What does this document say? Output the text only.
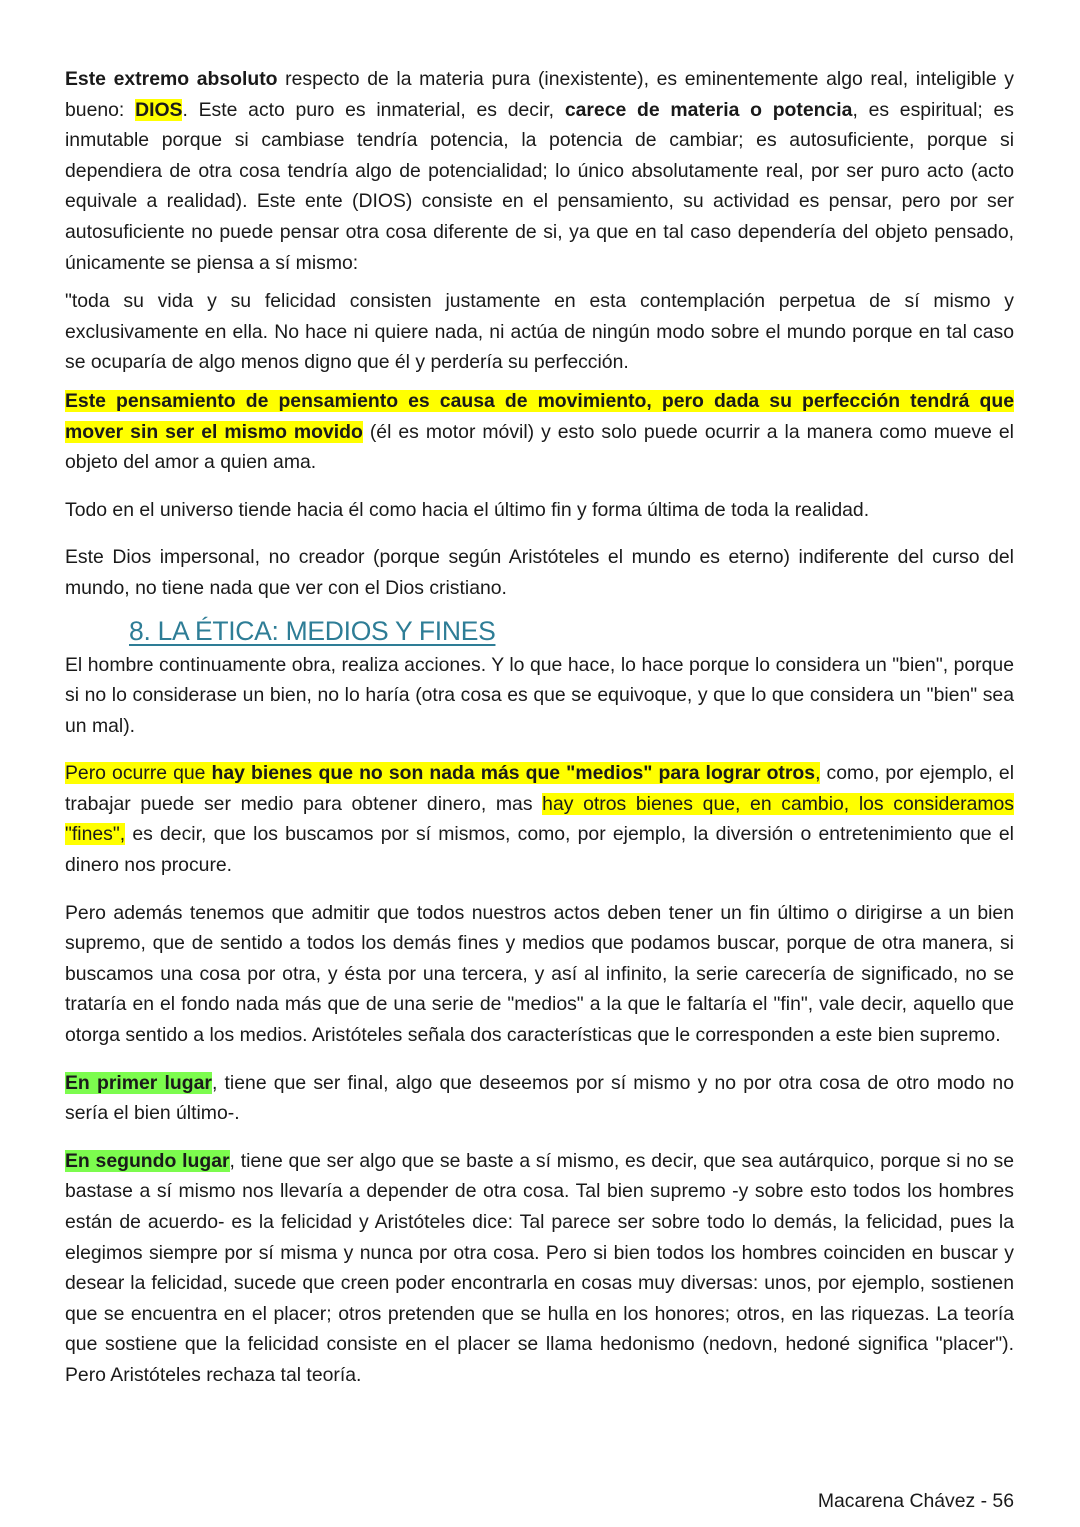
Este extremo absoluto respecto de la materia pura (inexistente), es eminentemente algo real, inteligible y bueno: DIOS. Este acto puro es inmaterial, es decir, carece de materia o potencia, es espiritual; es inmutable porque si cambiase tendría potencia, la potencia de cambiar; es autosuficiente, porque si dependiera de otra cosa tendría algo de potencialidad; lo único absolutamente real, por ser puro acto (acto equivale a realidad). Este ente (DIOS) consiste en el pensamiento, su actividad es pensar, pero por ser autosuficiente no puede pensar otra cosa diferente de si, ya que en tal caso dependería del objeto pensado, únicamente se piensa a sí mismo:

"toda su vida y su felicidad consisten justamente en esta contemplación perpetua de sí mismo y exclusivamente en ella. No hace ni quiere nada, ni actúa de ningún modo sobre el mundo porque en tal caso se ocuparía de algo menos digno que él y perdería su perfección.

Este pensamiento de pensamiento es causa de movimiento, pero dada su perfección tendrá que mover sin ser el mismo movido (él es motor móvil) y esto solo puede ocurrir a la manera como mueve el objeto del amor a quien ama.

Todo en el universo tiende hacia él como hacia el último fin y forma última de toda la realidad.

Este Dios impersonal, no creador (porque según Aristóteles el mundo es eterno) indiferente del curso del mundo, no tiene nada que ver con el Dios cristiano.

8. LA ÉTICA: MEDIOS Y FINES

El hombre continuamente obra, realiza acciones. Y lo que hace, lo hace porque lo considera un "bien", porque si no lo considerase un bien, no lo haría (otra cosa es que se equivoque, y que lo que considera un "bien" sea un mal).

Pero ocurre que hay bienes que no son nada más que "medios" para lograr otros, como, por ejemplo, el trabajar puede ser medio para obtener dinero, mas hay otros bienes que, en cambio, los consideramos "fines", es decir, que los buscamos por sí mismos, como, por ejemplo, la diversión o entretenimiento que el dinero nos procure.

Pero además tenemos que admitir que todos nuestros actos deben tener un fin último o dirigirse a un bien supremo, que de sentido a todos los demás fines y medios que podamos buscar, porque de otra manera, si buscamos una cosa por otra, y ésta por una tercera, y así al infinito, la serie carecería de significado, no se trataría en el fondo nada más que de una serie de "medios" a la que le faltaría el "fin", vale decir, aquello que otorga sentido a los medios. Aristóteles señala dos características que le corresponden a este bien supremo.

En primer lugar, tiene que ser final, algo que deseemos por sí mismo y no por otra cosa de otro modo no sería el bien último-.

En segundo lugar, tiene que ser algo que se baste a sí mismo, es decir, que sea autárquico, porque si no se bastase a sí mismo nos llevaría a depender de otra cosa. Tal bien supremo -y sobre esto todos los hombres están de acuerdo- es la felicidad y Aristóteles dice: Tal parece ser sobre todo lo demás, la felicidad, pues la elegimos siempre por sí misma y nunca por otra cosa. Pero si bien todos los hombres coinciden en buscar y desear la felicidad, sucede que creen poder encontrarla en cosas muy diversas: unos, por ejemplo, sostienen que se encuentra en el placer; otros pretenden que se hulla en los honores; otros, en las riquezas. La teoría que sostiene que la felicidad consiste en el placer se llama hedonismo (nedovn, hedoné significa "placer"). Pero Aristóteles rechaza tal teoría.

Macarena Chávez - 56
